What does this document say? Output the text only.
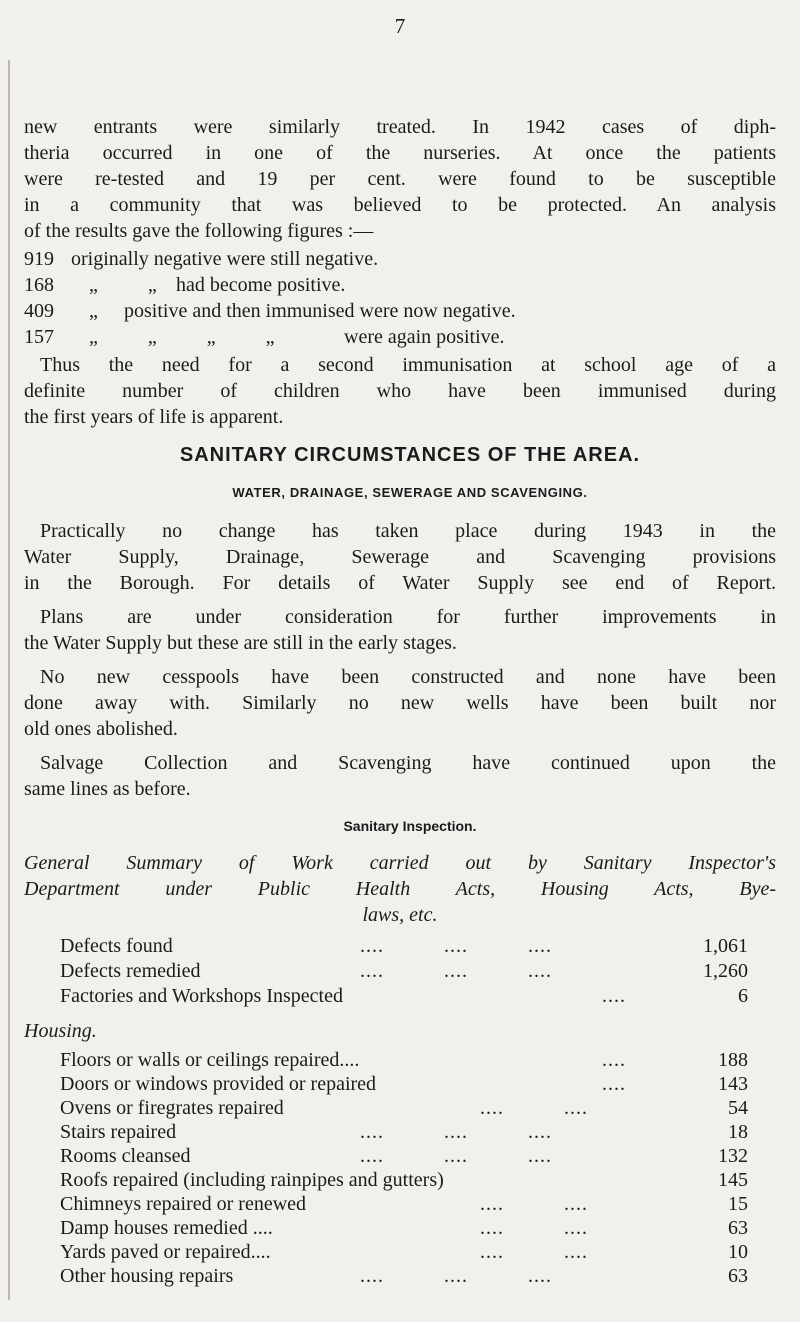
7
new entrants were similarly treated. In 1942 cases of diph-
theria occurred in one of the nurseries. At once the patients
were re-tested and 19 per cent. were found to be susceptible
in a community that was believed to be protected. An analysis
of the results gave the following figures :—
919 originally negative were still negative.
168 „          „ had become positive.
409 „ positive and then immunised were now negative.
157 „          „          „          „	were again positive.
Thus the need for a second immunisation at school age of a
definite number of children who have been immunised during
the first years of life is apparent.
SANITARY CIRCUMSTANCES OF THE AREA.
WATER, DRAINAGE, SEWERAGE AND SCAVENGING.
Practically no change has taken place during 1943 in the
Water Supply, Drainage, Sewerage and Scavenging provisions
in the Borough. For details of Water Supply see end of Report.
Plans are under consideration for further improvements in
the Water Supply but these are still in the early stages.
No new cesspools have been constructed and none have been
done away with. Similarly no new wells have been built nor
old ones abolished.
Salvage Collection and Scavenging have continued upon the
same lines as before.
Sanitary Inspection.
General Summary of Work carried out by Sanitary Inspector's
Department under Public Health Acts, Housing Acts, Bye-
laws, etc.
Defects found	....          ....          ....	1,061
Defects remedied	....          ....          ....	1,260
Factories and Workshops Inspected	....	6
Housing.
Floors or walls or ceilings repaired....	....	188
Doors or windows provided or repaired	....	143
Ovens or firegrates repaired	....          ....	54
Stairs repaired	....          ....          ....	18
Rooms cleansed	....          ....          ....	132
Roofs repaired (including rainpipes and gutters)	145
Chimneys repaired or renewed	....          ....	15
Damp houses remedied ....	....          ....	63
Yards paved or repaired....	....          ....	10
Other housing repairs	....          ....          ....	63
